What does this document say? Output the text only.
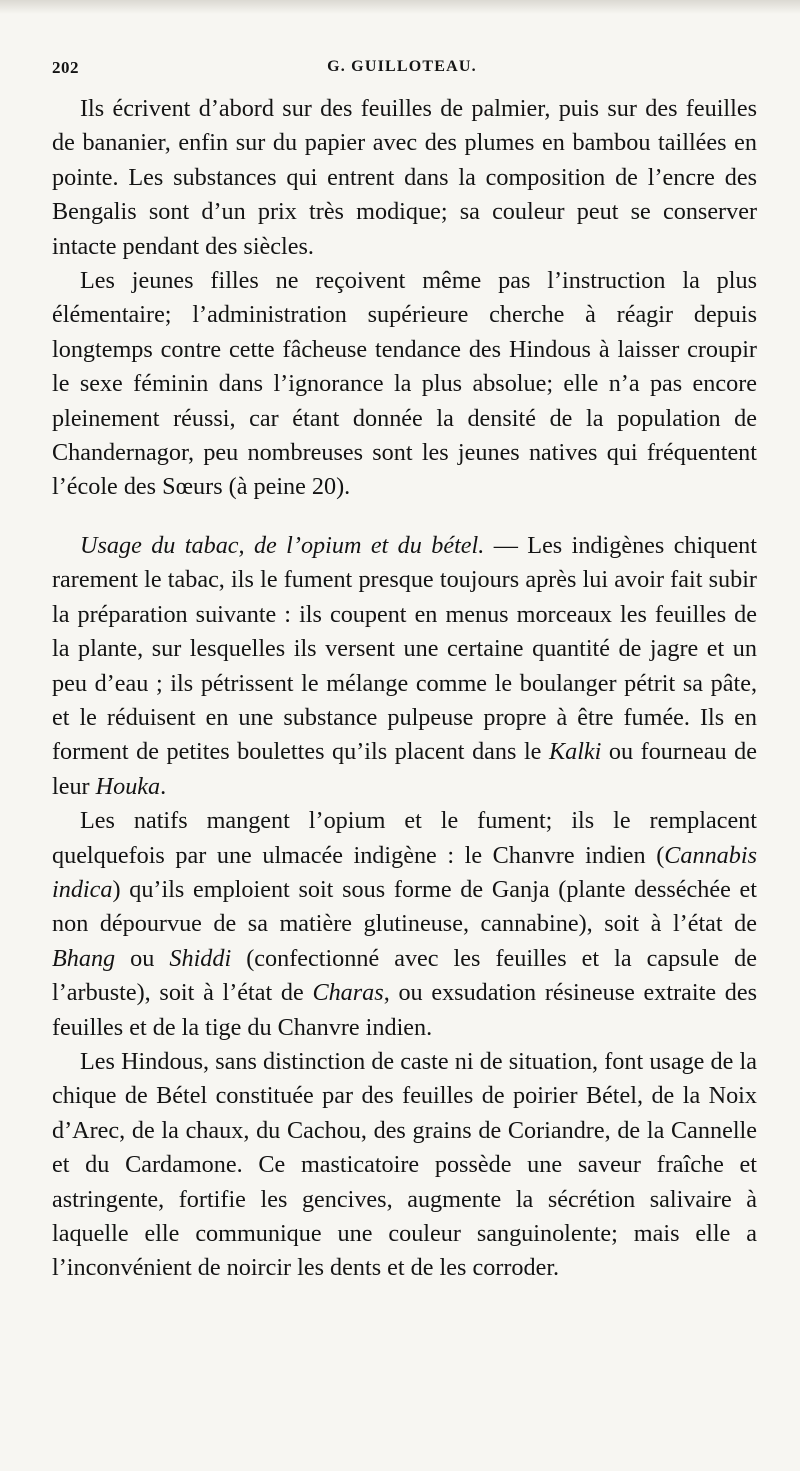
202	G. GUILLOTEAU.

Ils écrivent d’abord sur des feuilles de palmier, puis sur des feuilles de bananier, enfin sur du papier avec des plumes en bambou taillées en pointe. Les substances qui entrent dans la composition de l’encre des Bengalis sont d’un prix très modique; sa couleur peut se conserver intacte pendant des siècles.

Les jeunes filles ne reçoivent même pas l’instruction la plus élémentaire; l’administration supérieure cherche à réagir depuis longtemps contre cette fâcheuse tendance des Hindous à laisser croupir le sexe féminin dans l’ignorance la plus absolue; elle n’a pas encore pleinement réussi, car étant donnée la densité de la population de Chandernagor, peu nombreuses sont les jeunes natives qui fréquentent l’école des Sœurs (à peine 20).

Usage du tabac, de l’opium et du bétel. — Les indigènes chiquent rarement le tabac, ils le fument presque toujours après lui avoir fait subir la préparation suivante : ils coupent en menus morceaux les feuilles de la plante, sur lesquelles ils versent une certaine quantité de jagre et un peu d’eau ; ils pétrissent le mélange comme le boulanger pétrit sa pâte, et le réduisent en une substance pulpeuse propre à être fumée. Ils en forment de petites boulettes qu’ils placent dans le Kalki ou fourneau de leur Houka.

Les natifs mangent l’opium et le fument; ils le remplacent quelquefois par une ulmacée indigène : le Chanvre indien (Cannabis indica) qu’ils emploient soit sous forme de Ganja (plante desséchée et non dépourvue de sa matière glutineuse, cannabine), soit à l’état de Bhang ou Shiddi (confectionné avec les feuilles et la capsule de l’arbuste), soit à l’état de Charas, ou exsudation résineuse extraite des feuilles et de la tige du Chanvre indien.

Les Hindous, sans distinction de caste ni de situation, font usage de la chique de Bétel constituée par des feuilles de poirier Bétel, de la Noix d’Arec, de la chaux, du Cachou, des grains de Coriandre, de la Cannelle et du Cardamone. Ce masticatoire possède une saveur fraîche et astringente, fortifie les gencives, augmente la sécrétion salivaire à laquelle elle communique une couleur sanguinolente; mais elle a l’inconvénient de noircir les dents et de les corroder.
